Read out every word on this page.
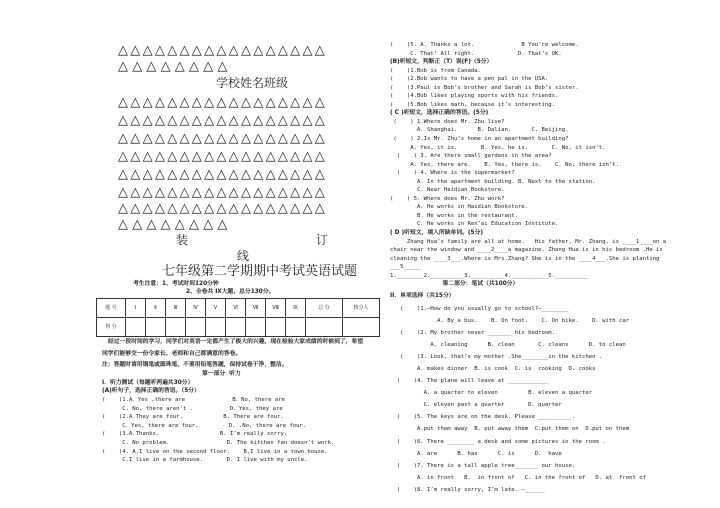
△△△△△△△△△△△△△△△△△
△△△△△△△△
△△△△△△△△△△△△△△△△△
△△△△△△△△△△△△△△△△△
△△△△△△△△△△△△△△△△△
△△△△△△△△△△△△△△△△△
△△△△△△△△△△△△△△△△△
△△△△△△△△△△△△△△△△△
△△△△△△△△△△△△△△△△△
△△△△△△△△
学校姓名班级
装	订
线
七年级第二学期期中考试英语试题
考生注意：1、考试时间120分钟
2、全卷共 Ⅸ大题，总分130分。
题 号	Ⅰ	Ⅱ	Ⅲ	Ⅳ	Ⅴ	Ⅵ	Ⅶ	Ⅷ	Ⅸ	总 分	核分人
得 分											
经过一段时间的学习，同学们对英语一定都产生了极大的兴趣，现在检验大家成绩的时候到了，希望
同学们能够交一份令家长、老师和自己都满意的答卷。
注：答题时请用钢笔或圆珠笔，不要用铅笔答题，保持试卷干净，整洁。
第一部分  听力
I．听力测试（每题听两遍共30分）
(A)听句子，选择正确的答语。（5分）
(    )1.A．Yes ,there are              B．No, there are
C. No, there aren’t .           D．Yes, they are
(    )2.A.They are four.            B. There are four.
C．Yes, there are four.         D. .No, there are four.
(    )3.A.Thanks.                  B. I’m really sorry.
C. No problem.                 D. The kitchen fan doesn’t work.
(    )4. A.I live on the second floor.    B.I live in a town house.
C.I live in a farmhouse.       D. I live with my uncle.
(    )5. A. Thanks a lot.              B You’re welcome.
C. That’ All right.             D. That’s OK.
(B)听短文，判断正（T）误(F)（5分）
(    )1.Bob is from Canada.
(    )2.Bob wants to have a pen pal in the USA.
(    )3.Paul is Bob’s brother and Sarah is Bob’s sister.
(    )4.Bob likes playing sports with his friends.
(    )5.Bob likes math, because it’s interesting.
( C )听短文，选择正确的答语。(5分)
(    ) 1.Where does Mr. Zhu live?
A. Shanghai.      B. Dalian.      C. Beijing.
(    ) 2.Is Mr. Zhu’s home in an apartment building?
A. Yes, it is.       B. Yes, he is.       C. No, it isn’t.
(    ) 3. Are there small gardens in the area?
A. Yes, there are.    B. Yes, there is.    C. No, there isn’t.
(    ) 4. Where is the supermarket?
A. In the apartment building. B. Next to the station.
C. Near Haidian Bookstore.
(    ) 5. Where does Mr. Zhu work?
A. He works in Haidian Bookstore.
B. He works in the restaurant.
C. He works in Ren’ai Education Institute.
( D )听短文，填入所缺单词。(5分)
Zhang Hua’s family are all at home.   His father, Mr. Zhang, is ____1____on a
chair near the window and ____2____a magazine. Zhang Hua is in his bedroom .He is
cleaning the ____3___.Where is Mrs.Zhang? She is in the ____4___.She is planting
___5_____
1.________2.__________3.__________4.___________5.__________
第二部分：笔试（共100分）
II．单项选择（共15分）
(    )1.—How do you usually go to school?—________
A. By a bus.    B. On foot.    C. On bike.    D. with car
(    )2. My brother never _______ his bedroom.
A. cleaning      B. clean       C. cleans      D. to clean
(    )3. Look, that’s my mother .She________in the kitchen .
A. makes dinner  B. is cook  C. is  cooking  D. cooks
(    )4. The plane will leave at ____________
A. a quarter to eleven         B. eleven a quarter
C. eleven past a quarter       D. quarter
(    )5. The keys are on the desk. Please __________.
A.put them away  B. put away them  C.put them on  D.put on them
(    )6. There ________ a desk and some pictures in the room .
A. are      B. has      C. is      D.  have
(    )7. There is a tall apple tree_______ our house.
A. in front   B.  in front of   C. in the front of   D. at  front of
(    )8. I’m really sorry, I’m late. —______
